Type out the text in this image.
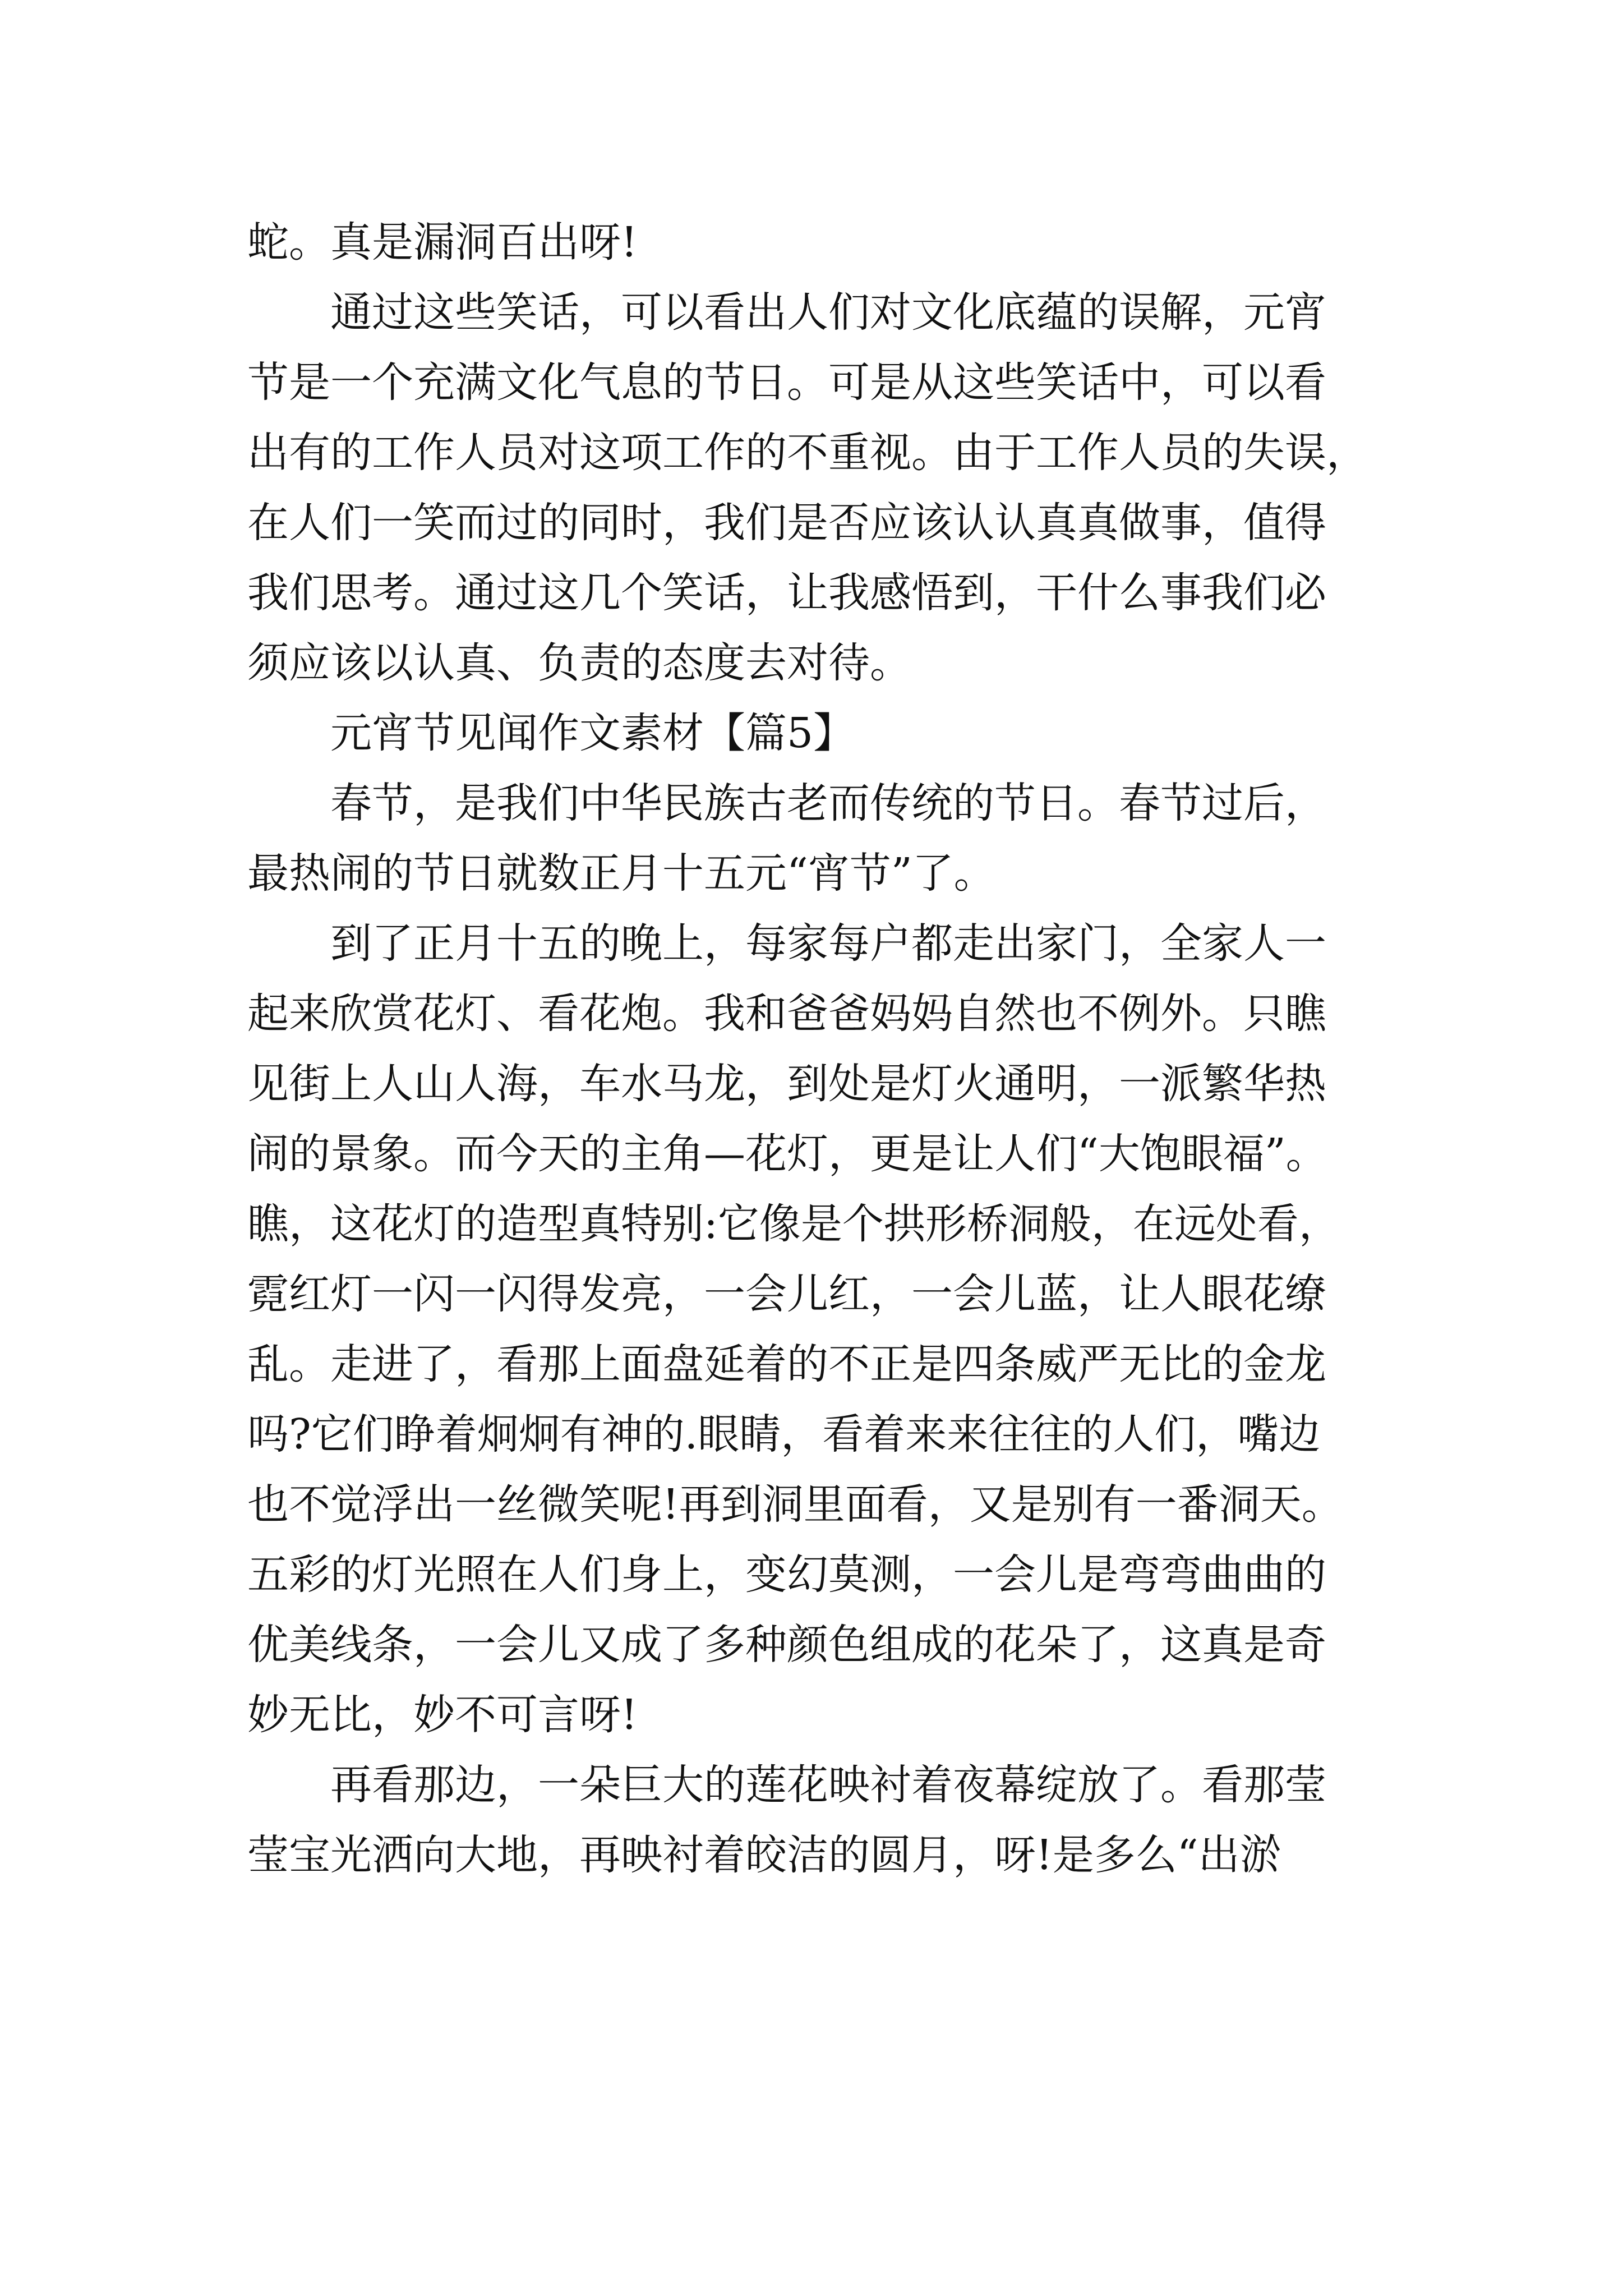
蛇。真是漏洞百出呀!
通过这些笑话，可以看出人们对文化底蕴的误解，元宵
节是一个充满文化气息的节日。可是从这些笑话中，可以看
出有的工作人员对这项工作的不重视。由于工作人员的失误，
在人们一笑而过的同时，我们是否应该认认真真做事，值得
我们思考。通过这几个笑话，让我感悟到，干什么事我们必
须应该以认真、负责的态度去对待。
元宵节见闻作文素材【篇5】
春节，是我们中华民族古老而传统的节日。春节过后，
最热闹的节日就数正月十五元“宵节”了。
到了正月十五的晚上，每家每户都走出家门，全家人一
起来欣赏花灯、看花炮。我和爸爸妈妈自然也不例外。只瞧
见街上人山人海，车水马龙，到处是灯火通明，一派繁华热
闹的景象。而今天的主角—花灯，更是让人们“大饱眼福”。
瞧，这花灯的造型真特别:它像是个拱形桥洞般，在远处看，
霓红灯一闪一闪得发亮，一会儿红，一会儿蓝，让人眼花缭
乱。走进了，看那上面盘延着的不正是四条威严无比的金龙
吗?它们睁着炯炯有神的.眼睛，看着来来往往的人们，嘴边
也不觉浮出一丝微笑呢!再到洞里面看，又是别有一番洞天。
五彩的灯光照在人们身上，变幻莫测，一会儿是弯弯曲曲的
优美线条，一会儿又成了多种颜色组成的花朵了，这真是奇
妙无比，妙不可言呀!
再看那边，一朵巨大的莲花映衬着夜幕绽放了。看那莹
莹宝光洒向大地，再映衬着皎洁的圆月，呀!是多么“出淤
